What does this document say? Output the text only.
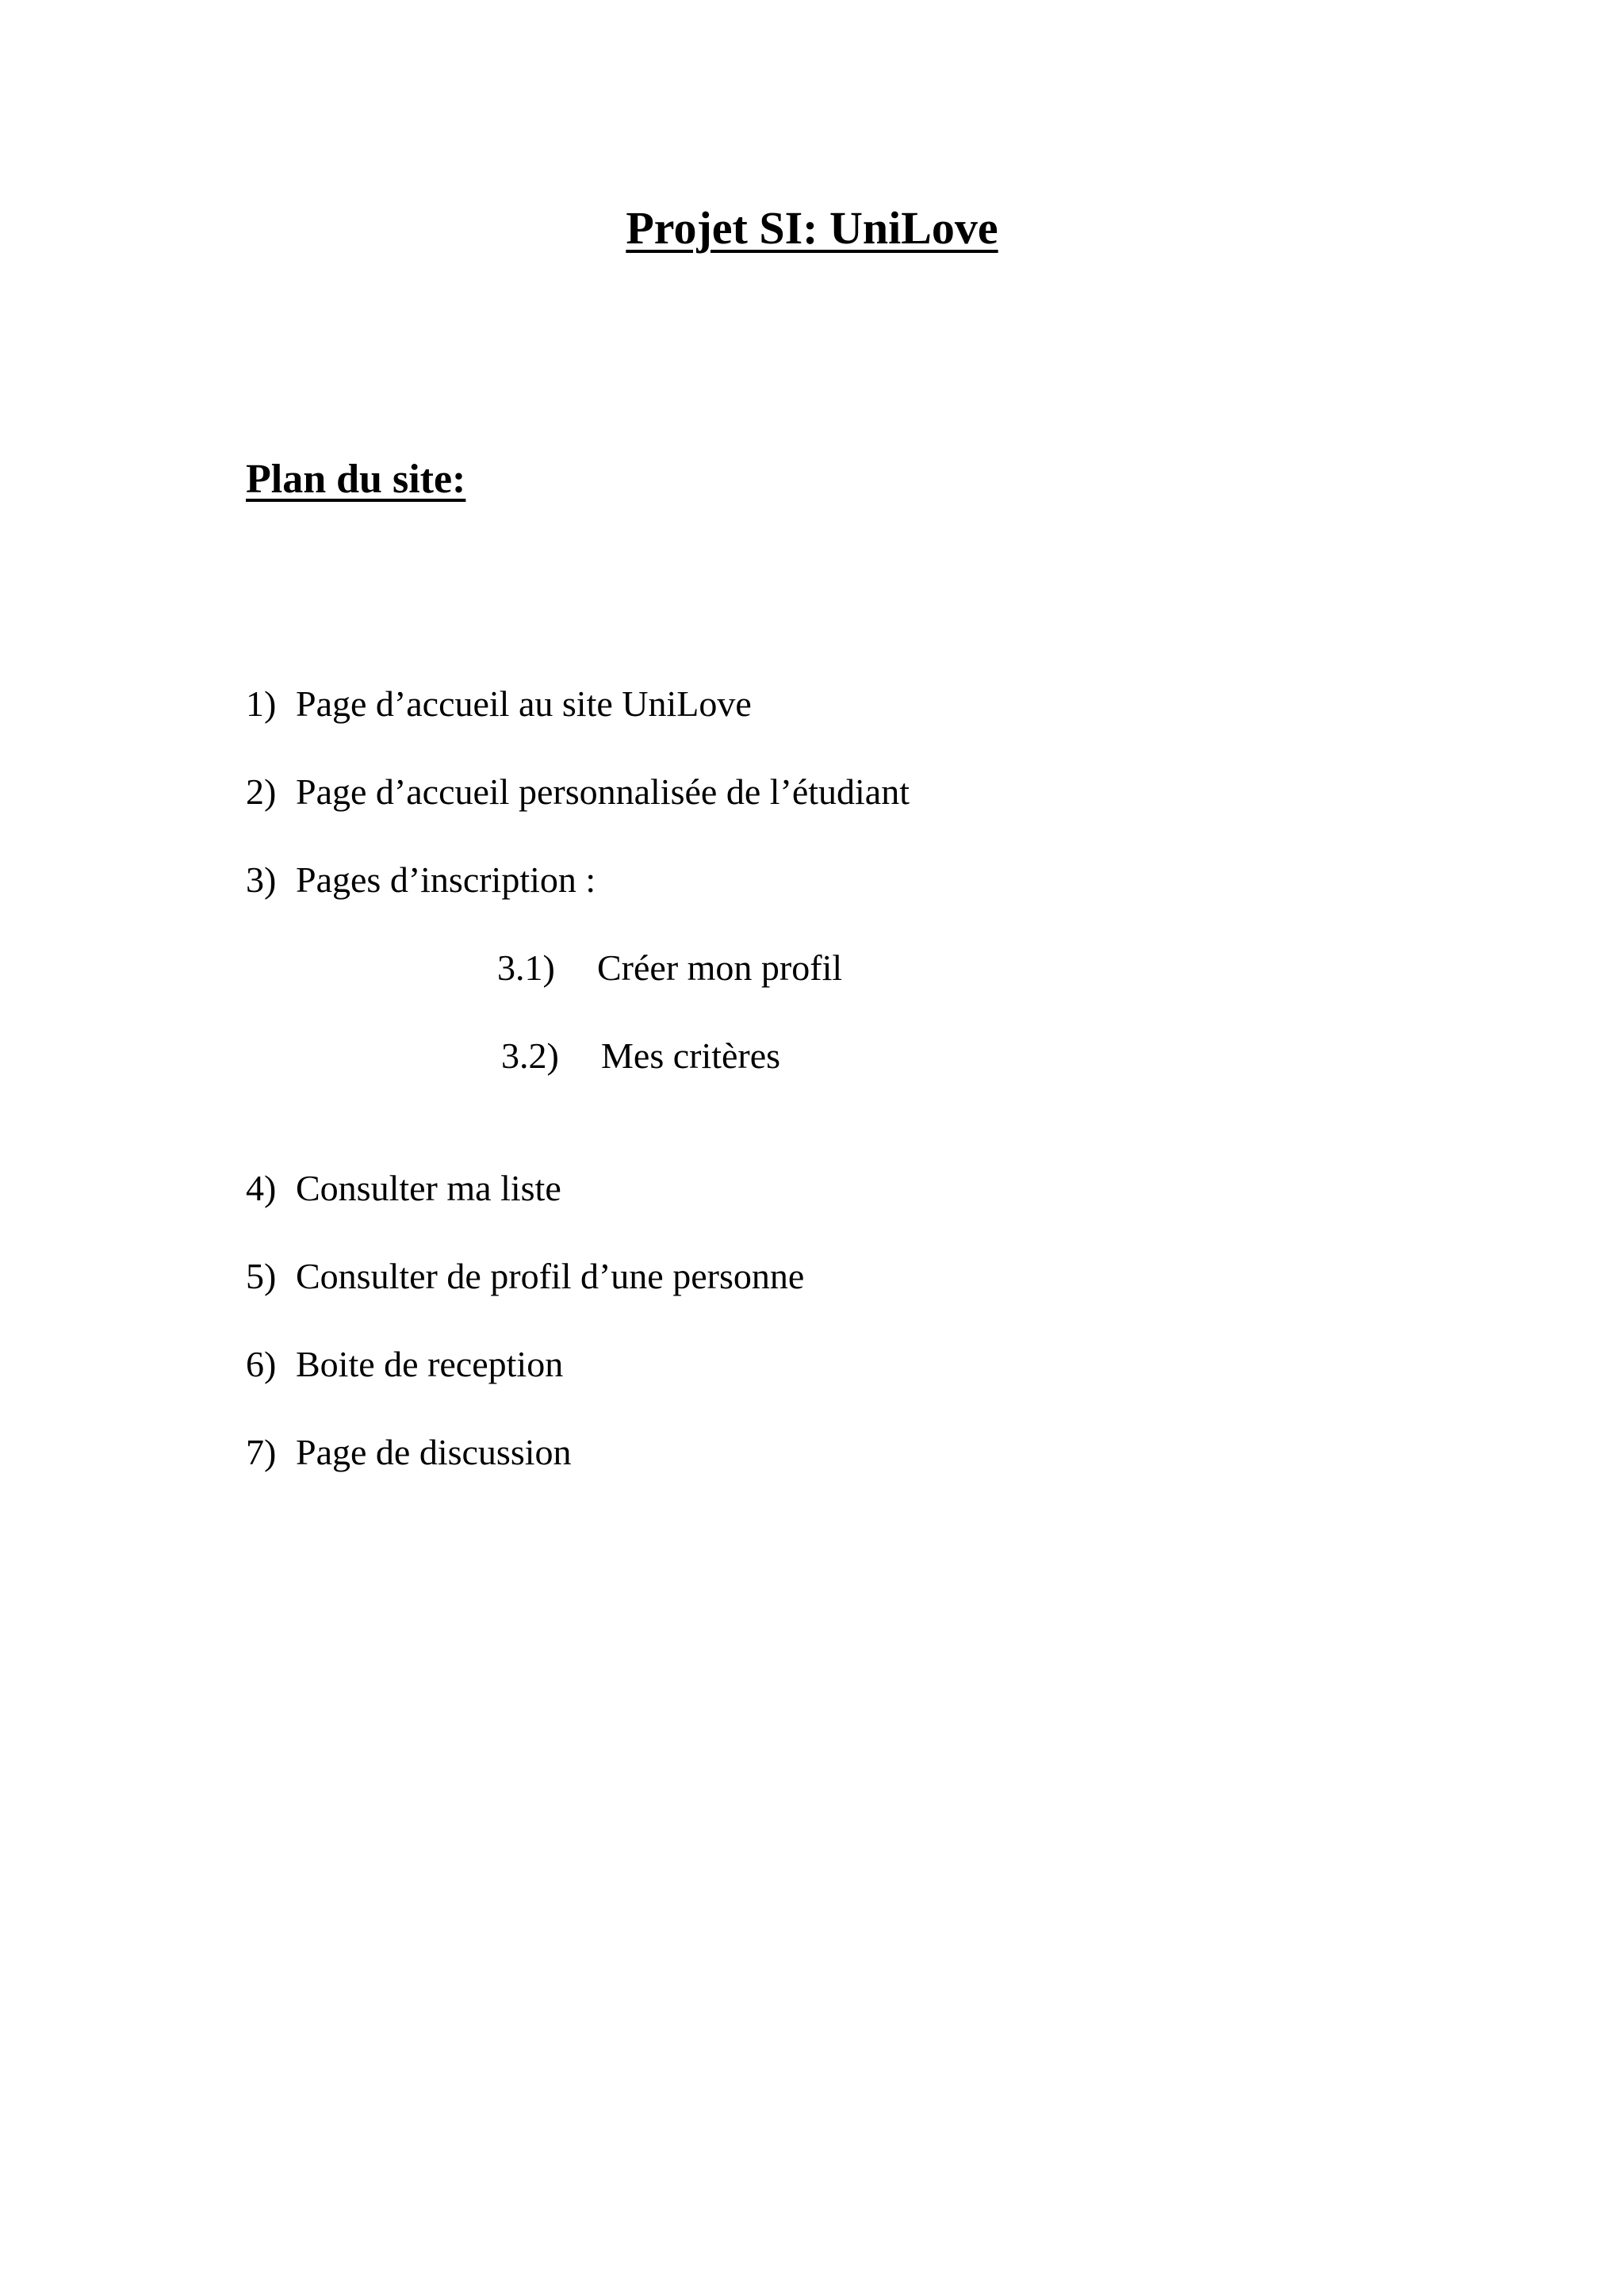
Projet SI: UniLove
Plan du site:
1) Page d’accueil au site UniLove
2) Page d’accueil personnalisée de l’étudiant
3) Pages d’inscription :
3.1) Créer mon profil
3.2) Mes critères
4) Consulter ma liste
5) Consulter de profil d’une personne
6) Boite de reception
7) Page de discussion
